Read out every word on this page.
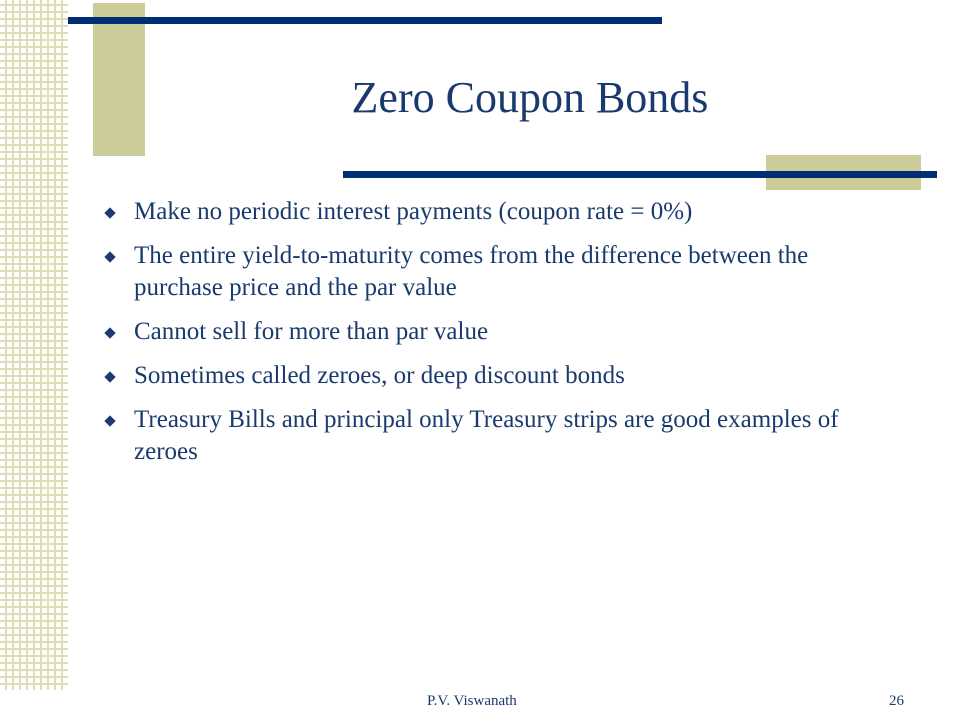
Zero Coupon Bonds
Make no periodic interest payments (coupon rate = 0%)
The entire yield-to-maturity comes from the difference between the purchase price and the par value
Cannot sell for more than par value
Sometimes called zeroes, or deep discount bonds
Treasury Bills and principal only Treasury strips are good examples of zeroes
P.V. Viswanath	26
